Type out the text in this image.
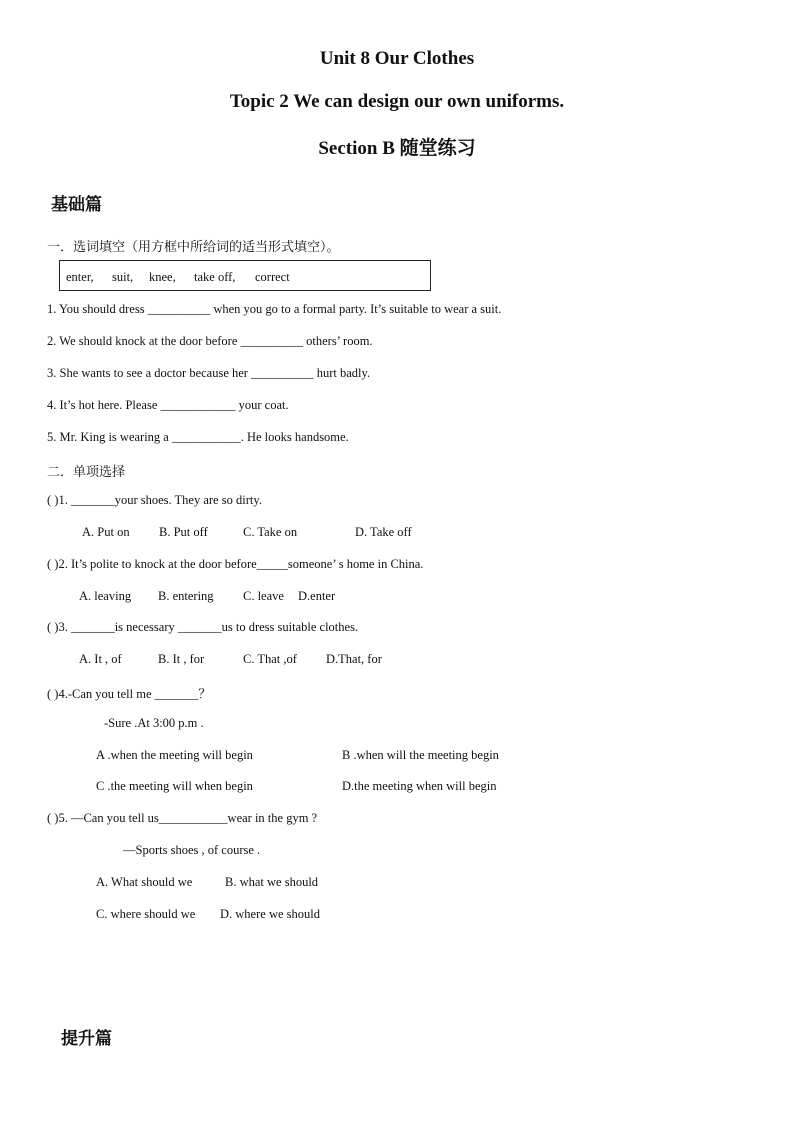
Unit 8 Our Clothes
Topic 2 We can design our own uniforms.
Section B 随堂练习
基础篇
一．选词填空（用方框中所给词的适当形式填空）。
enter, suit, knee, take off, correct
1. You should dress __________ when you go to a formal party. It’s suitable to wear a suit.
2. We should knock at the door before __________ others’ room.
3. She wants to see a doctor because her __________ hurt badly.
4. It’s hot here. Please ____________ your coat.
5. Mr. King is wearing a ___________. He looks handsome.
二．单项选择
( )1. _______your shoes. They are so dirty.
A. Put on B. Put off	C. Take on	D. Take off
( )2. It’s polite to knock at the door before_____someone’ s home in China.
A. leaving B. entering C. leave D.enter
( )3. _______is necessary _______us to dress suitable clothes.
A. It , of	B. It , for	C. That ,of D.That, for
( )4.-Can you tell me _______？
-Sure .At 3:00 p.m .
A .when the meeting will begin	B .when will the meeting begin
C .the meeting will when begin	D.the meeting when will begin
( )5. —Can you tell us___________wear in the gym ?
—Sports shoes , of course .
A. What should we	B. what we should
C. where should we D. where we should
提升篇
